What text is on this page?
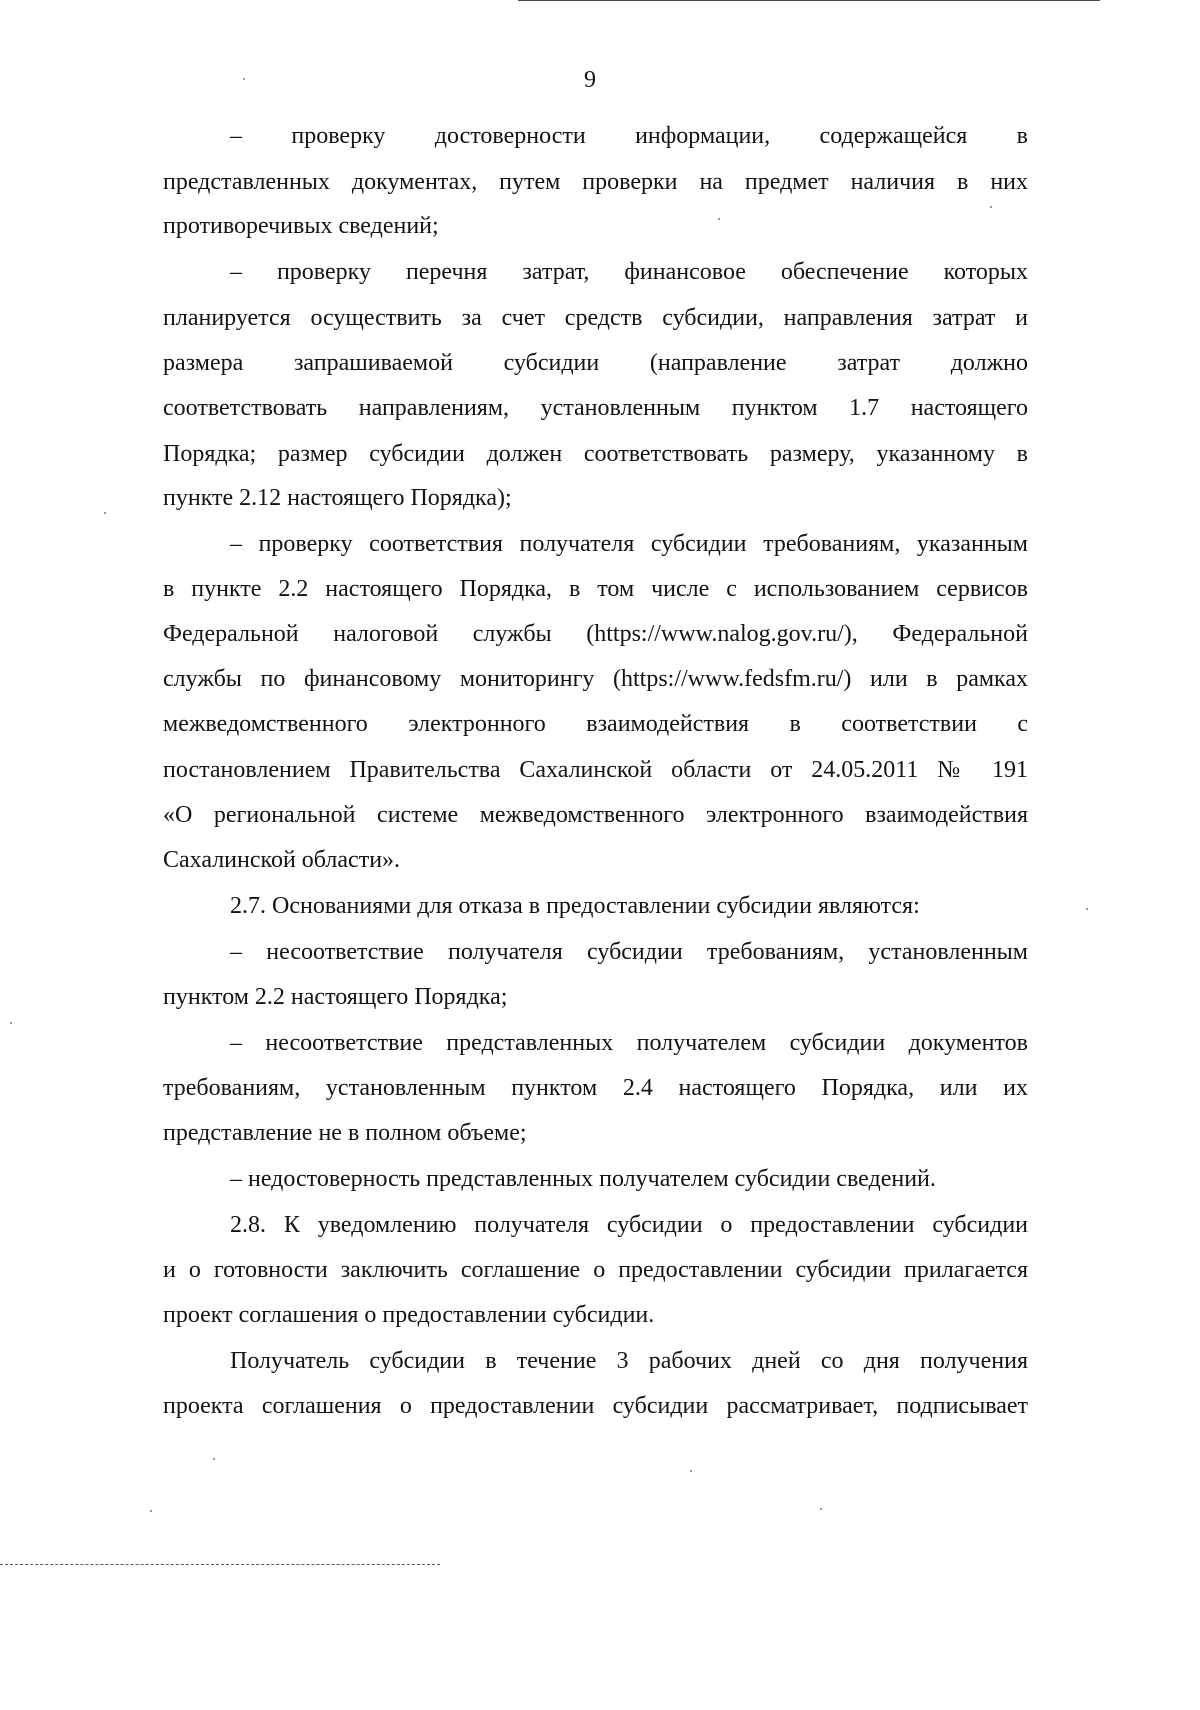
9
– проверку достоверности информации, содержащейся в
представленных документах, путем проверки на предмет наличия в них
противоречивых сведений;
– проверку перечня затрат, финансовое обеспечение которых
планируется осуществить за счет средств субсидии, направления затрат и
размера запрашиваемой субсидии (направление затрат должно
соответствовать направлениям, установленным пунктом 1.7 настоящего
Порядка; размер субсидии должен соответствовать размеру, указанному в
пункте 2.12 настоящего Порядка);
– проверку соответствия получателя субсидии требованиям, указанным
в пункте 2.2 настоящего Порядка, в том числе с использованием сервисов
Федеральной налоговой службы (https://www.nalog.gov.ru/), Федеральной
службы по финансовому мониторингу (https://www.fedsfm.ru/) или в рамках
межведомственного электронного взаимодействия в соответствии с
постановлением Правительства Сахалинской области от 24.05.2011 № 191
«О региональной системе межведомственного электронного взаимодействия
Сахалинской области».
2.7. Основаниями для отказа в предоставлении субсидии являются:
– несоответствие получателя субсидии требованиям, установленным
пунктом 2.2 настоящего Порядка;
– несоответствие представленных получателем субсидии документов
требованиям, установленным пунктом 2.4 настоящего Порядка, или их
представление не в полном объеме;
– недостоверность представленных получателем субсидии сведений.
2.8. К уведомлению получателя субсидии о предоставлении субсидии
и о готовности заключить соглашение о предоставлении субсидии прилагается
проект соглашения о предоставлении субсидии.
Получатель субсидии в течение 3 рабочих дней со дня получения
проекта соглашения о предоставлении субсидии рассматривает, подписывает
